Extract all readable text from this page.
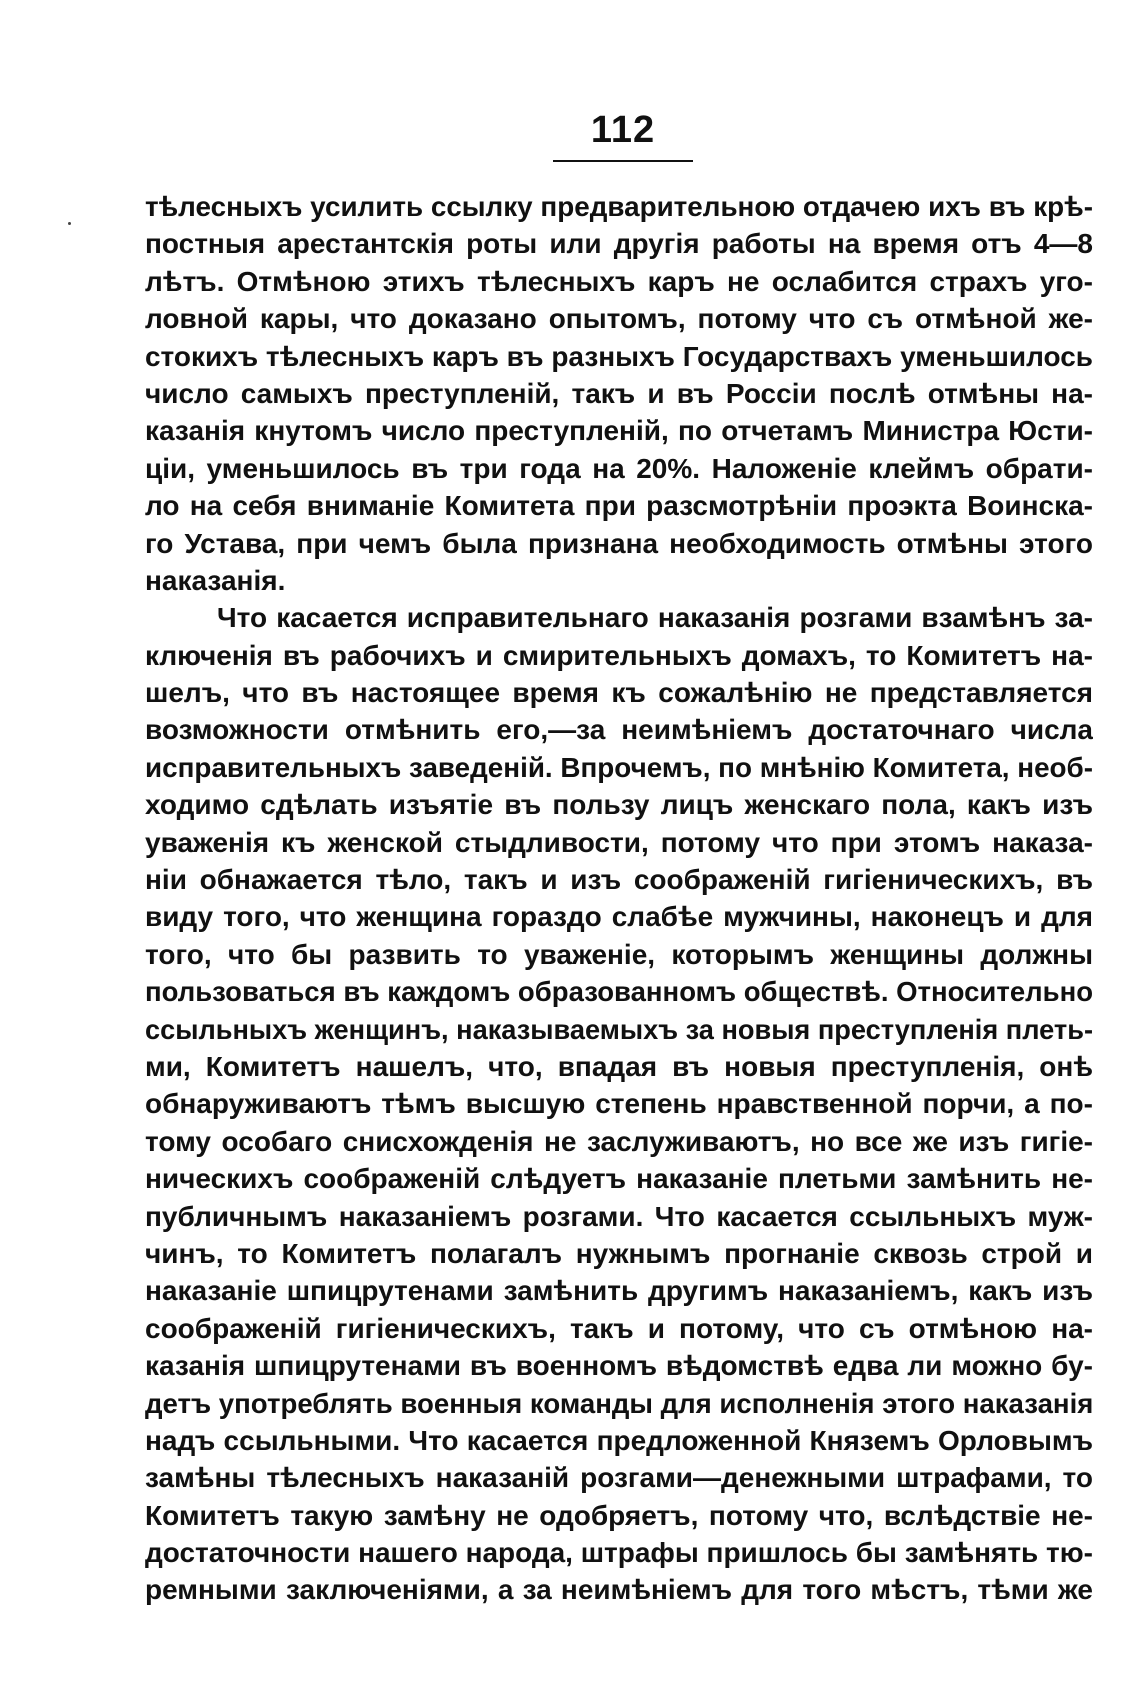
112
тѣлесныхъ усилить ссылку предварительною отдачею ихъ въ крѣ-
постныя арестантскія роты или другія работы на время отъ 4—8
лѣтъ. Отмѣною этихъ тѣлесныхъ каръ не ослабится страхъ уго-
ловной кары, что доказано опытомъ, потому что съ отмѣной же-
стокихъ тѣлесныхъ каръ въ разныхъ Государствахъ уменьшилось
число самыхъ преступленій, такъ и въ Россіи послѣ отмѣны на-
казанія кнутомъ число преступленій, по отчетамъ Министра Юсти-
ціи, уменьшилось въ три года на 20%. Наложеніе клеймъ обрати-
ло на себя вниманіе Комитета при разсмотрѣніи проэкта Воинска-
го Устава, при чемъ была признана необходимость отмѣны этого
наказанія.
Что касается исправительнаго наказанія розгами взамѣнъ за-
ключенія въ рабочихъ и смирительныхъ домахъ, то Комитетъ на-
шелъ, что въ настоящее время къ сожалѣнію не представляется
возможности отмѣнить его,—за неимѣніемъ достаточнаго числа
исправительныхъ заведеній. Впрочемъ, по мнѣнію Комитета, необ-
ходимо сдѣлать изъятіе въ пользу лицъ женскаго пола, какъ изъ
уваженія къ женской стыдливости, потому что при этомъ наказа-
ніи обнажается тѣло, такъ и изъ соображеній гигіеническихъ, въ
виду того, что женщина гораздо слабѣе мужчины, наконецъ и для
того, что бы развить то уваженіе, которымъ женщины должны
пользоваться въ каждомъ образованномъ обществѣ. Относительно
ссыльныхъ женщинъ, наказываемыхъ за новыя преступленія плеть-
ми, Комитетъ нашелъ, что, впадая въ новыя преступленія, онѣ
обнаруживаютъ тѣмъ высшую степень нравственной порчи, а по-
тому особаго снисхожденія не заслуживаютъ, но все же изъ гигіе-
ническихъ соображеній слѣдуетъ наказаніе плетьми замѣнить не-
публичнымъ наказаніемъ розгами. Что касается ссыльныхъ муж-
чинъ, то Комитетъ полагалъ нужнымъ прогнаніе сквозь строй и
наказаніе шпицрутенами замѣнить другимъ наказаніемъ, какъ изъ
соображеній гигіеническихъ, такъ и потому, что съ отмѣною на-
казанія шпицрутенами въ военномъ вѣдомствѣ едва ли можно бу-
детъ употреблять военныя команды для исполненія этого наказанія
надъ ссыльными. Что касается предложенной Княземъ Орловымъ
замѣны тѣлесныхъ наказаній розгами—денежными штрафами, то
Комитетъ такую замѣну не одобряетъ, потому что, вслѣдствіе не-
достаточности нашего народа, штрафы пришлось бы замѣнять тю-
ремными заключеніями, а за неимѣніемъ для того мѣстъ, тѣми же
